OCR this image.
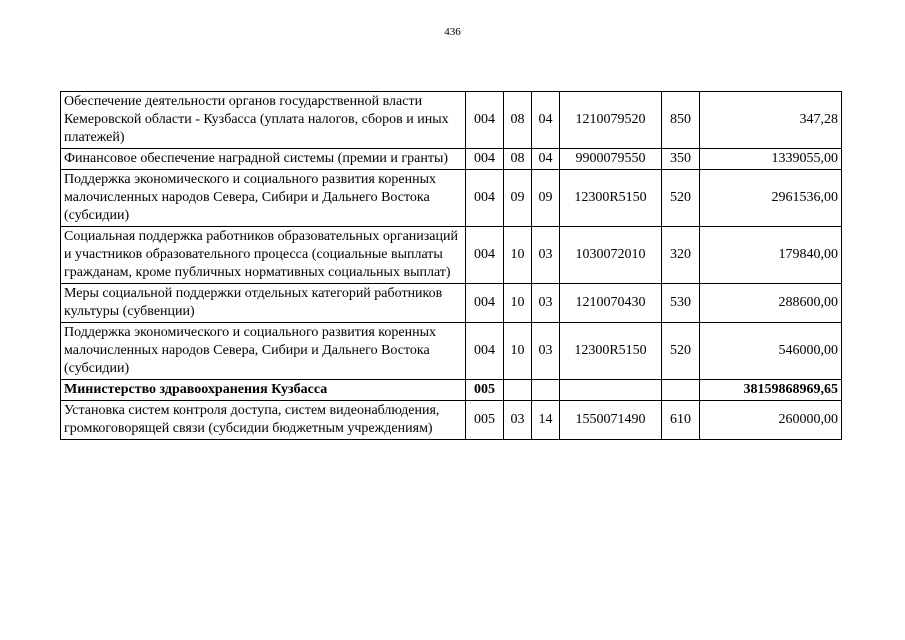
436
Обеспечение деятельности органов государственной власти Кемеровской области - Кузбасса (уплата налогов, сборов и иных платежей)	004	08	04	1210079520	850	347,28
Финансовое обеспечение наградной системы (премии и гранты)	004	08	04	9900079550	350	1339055,00
Поддержка экономического и социального развития коренных малочисленных народов Севера, Сибири и Дальнего Востока (субсидии)	004	09	09	12300R5150	520	2961536,00
Социальная поддержка работников образовательных организаций и участников образовательного процесса (социальные выплаты гражданам, кроме публичных нормативных социальных выплат)	004	10	03	1030072010	320	179840,00
Меры социальной поддержки отдельных категорий работников культуры (субвенции)	004	10	03	1210070430	530	288600,00
Поддержка экономического и социального развития коренных малочисленных народов Севера, Сибири и Дальнего Востока (субсидии)	004	10	03	12300R5150	520	546000,00
Министерство здравоохранения Кузбасса	005					38159868969,65
Установка систем контроля доступа, систем видеонаблюдения, громкоговорящей связи (субсидии бюджетным учреждениям)	005	03	14	1550071490	610	260000,00
